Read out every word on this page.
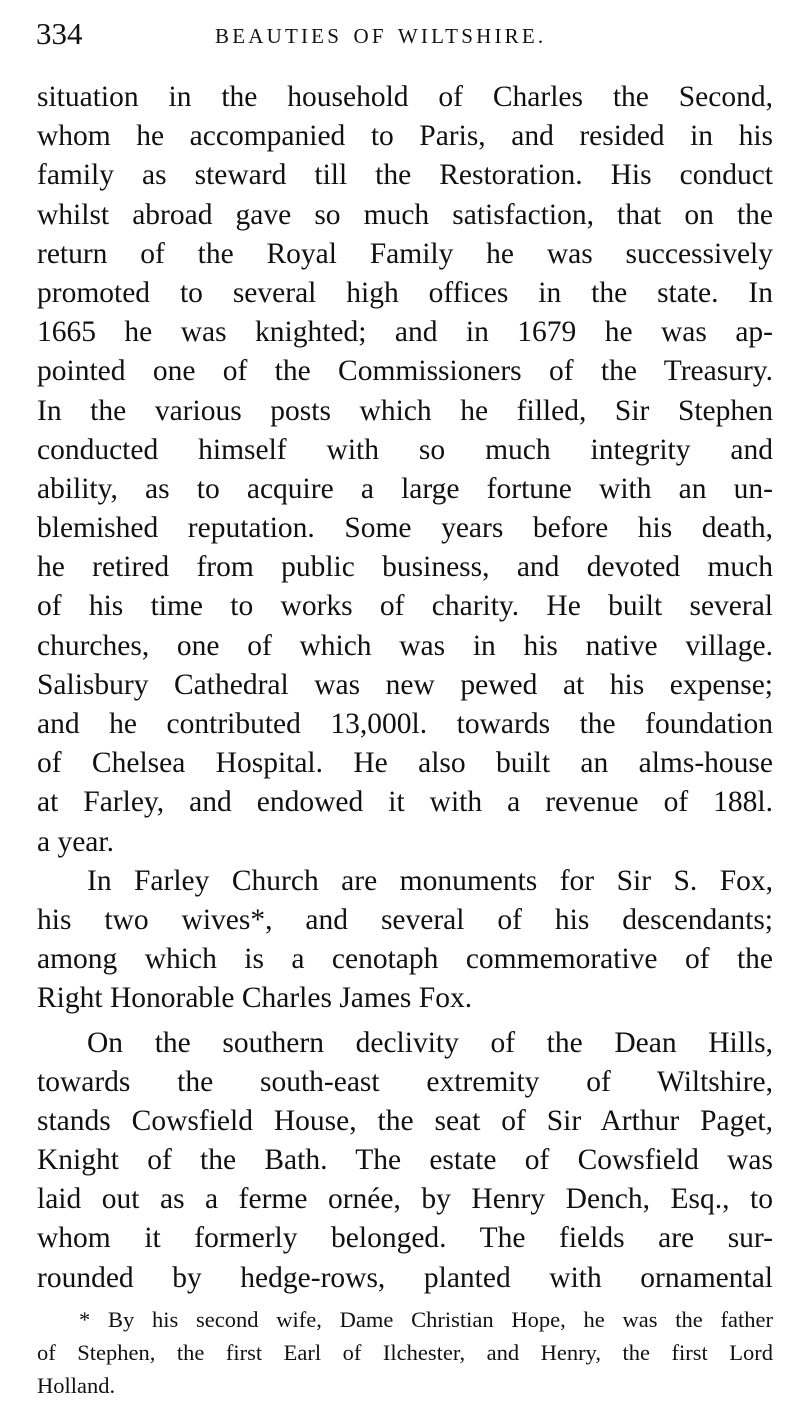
334	BEAUTIES OF WILTSHIRE.
situation in the household of Charles the Second,
whom he accompanied to Paris, and resided in his
family as steward till the Restoration. His conduct
whilst abroad gave so much satisfaction, that on the
return of the Royal Family he was successively
promoted to several high offices in the state. In
1665 he was knighted; and in 1679 he was ap-
pointed one of the Commissioners of the Treasury.
In the various posts which he filled, Sir Stephen
conducted himself with so much integrity and
ability, as to acquire a large fortune with an un-
blemished reputation. Some years before his death,
he retired from public business, and devoted much
of his time to works of charity. He built several
churches, one of which was in his native village.
Salisbury Cathedral was new pewed at his expense;
and he contributed 13,000l. towards the foundation
of Chelsea Hospital. He also built an alms-house
at Farley, and endowed it with a revenue of 188l.
a year.
In Farley Church are monuments for Sir S. Fox,
his two wives*, and several of his descendants;
among which is a cenotaph commemorative of the
Right Honorable Charles James Fox.
On the southern declivity of the Dean Hills,
towards the south-east extremity of Wiltshire,
stands Cowsfield House, the seat of Sir Arthur Paget,
Knight of the Bath. The estate of Cowsfield was
laid out as a ferme ornée, by Henry Dench, Esq., to
whom it formerly belonged. The fields are sur-
rounded by hedge-rows, planted with ornamental
* By his second wife, Dame Christian Hope, he was the father
of Stephen, the first Earl of Ilchester, and Henry, the first Lord
Holland.
